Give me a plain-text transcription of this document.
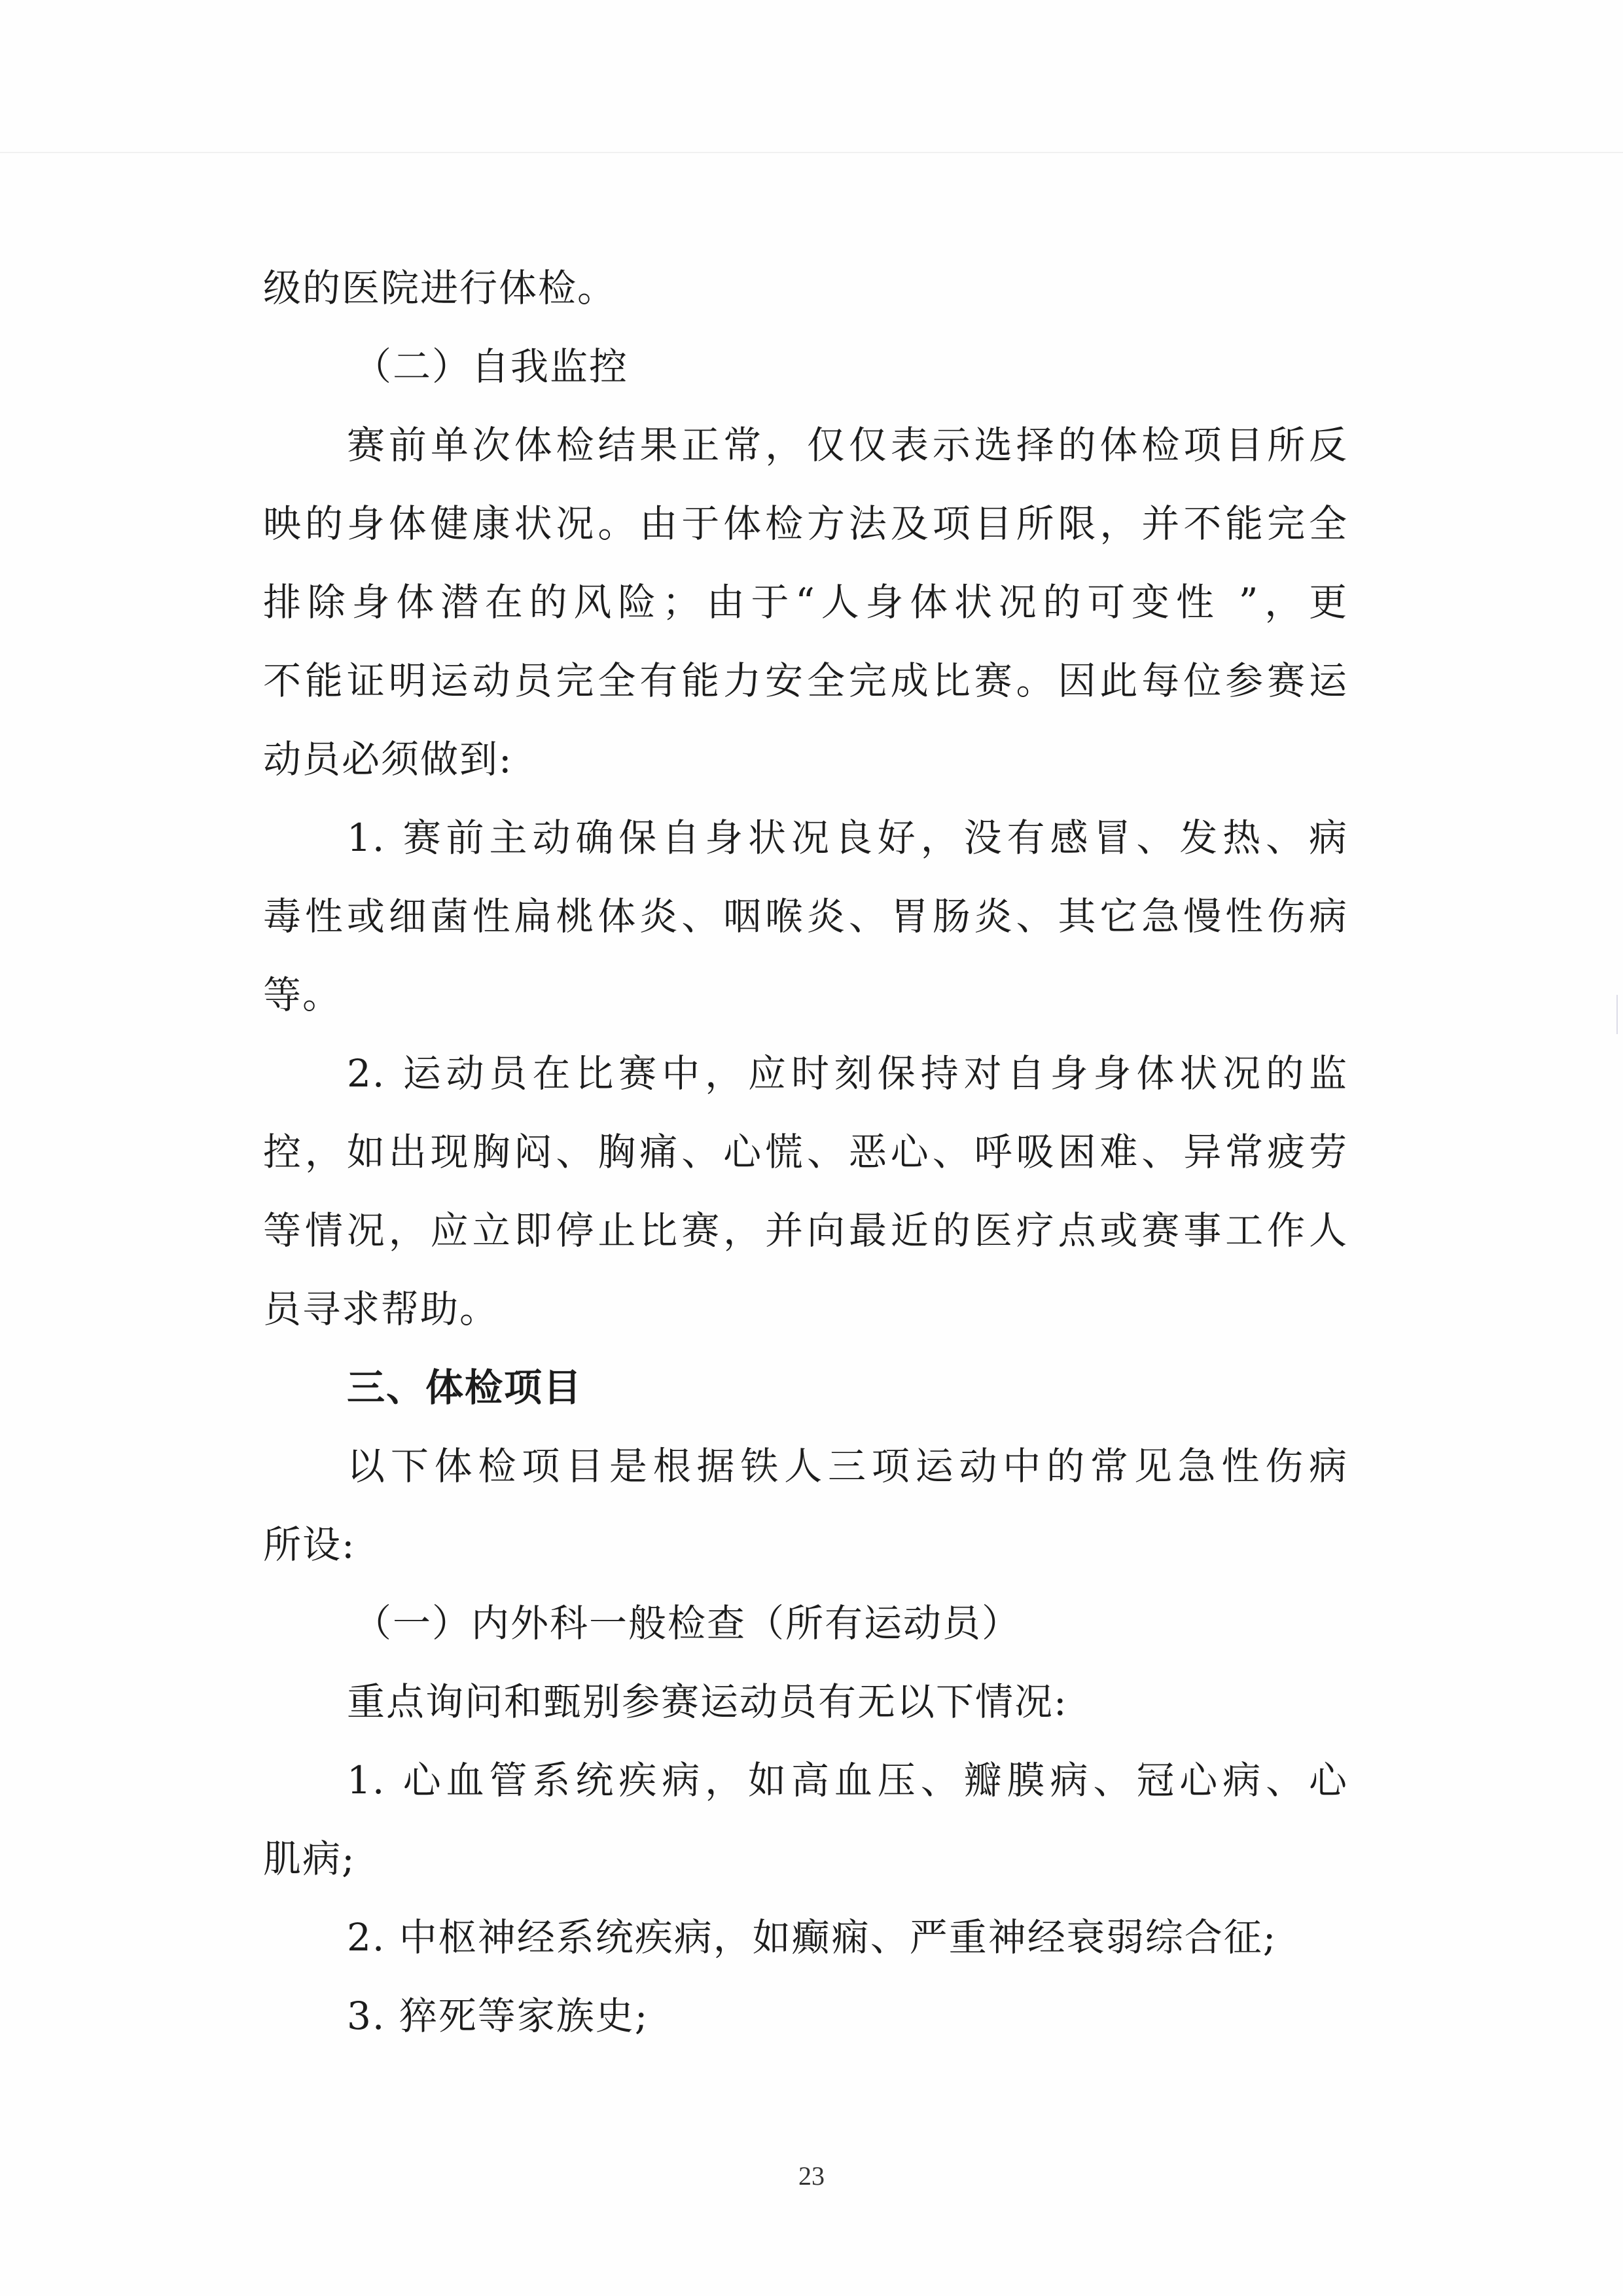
级的医院进行体检。
（二）自我监控
赛前单次体检结果正常，仅仅表示选择的体检项目所反
映的身体健康状况。由于体检方法及项目所限，并不能完全
排除身体潜在的风险；由于“人身体状况的可变性 ”，更
不能证明运动员完全有能力安全完成比赛。因此每位参赛运
动员必须做到:
1. 赛前主动确保自身状况良好，没有感冒、发热、病
毒性或细菌性扁桃体炎、咽喉炎、胃肠炎、其它急慢性伤病
等。
2. 运动员在比赛中，应时刻保持对自身身体状况的监
控，如出现胸闷、胸痛、心慌、恶心、呼吸困难、异常疲劳
等情况，应立即停止比赛，并向最近的医疗点或赛事工作人
员寻求帮助。
三、体检项目
以下体检项目是根据铁人三项运动中的常见急性伤病
所设:
（一）内外科一般检查（所有运动员）
重点询问和甄别参赛运动员有无以下情况:
1. 心血管系统疾病，如高血压、瓣膜病、冠心病、心
肌病;
2. 中枢神经系统疾病，如癫痫、严重神经衰弱综合征;
3. 猝死等家族史;
23
